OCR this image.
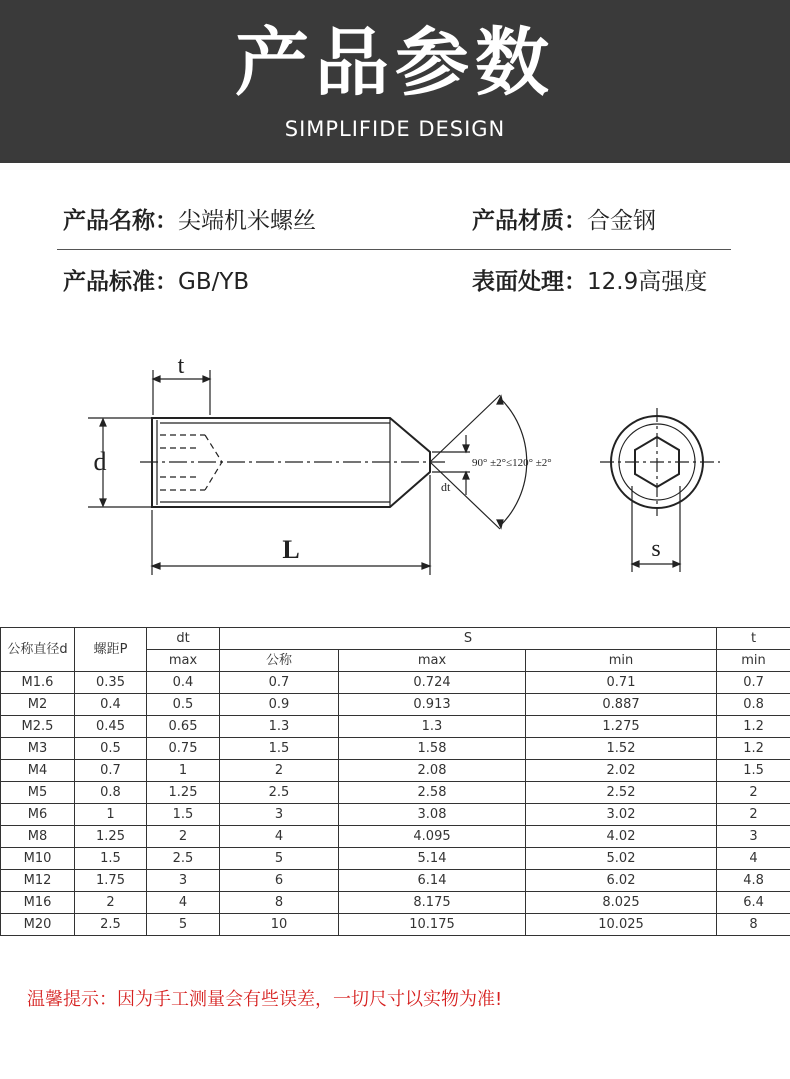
产品参数
SIMPLIFIDE DESIGN
产品名称：尖端机米螺丝	产品材质：合金钢
产品标准：GB/YB	表面处理：12.9高强度
t
d
L
dt
90° ±2°≤120° ±2°
s
公称直径d	螺距P	dt	S			t
		max	公称	max	min	min
M1.6	0.35	0.4	0.7	0.724	0.71	0.7
M2	0.4	0.5	0.9	0.913	0.887	0.8
M2.5	0.45	0.65	1.3	1.3	1.275	1.2
M3	0.5	0.75	1.5	1.58	1.52	1.2
M4	0.7	1	2	2.08	2.02	1.5
M5	0.8	1.25	2.5	2.58	2.52	2
M6	1	1.5	3	3.08	3.02	2
M8	1.25	2	4	4.095	4.02	3
M10	1.5	2.5	5	5.14	5.02	4
M12	1.75	3	6	6.14	6.02	4.8
M16	2	4	8	8.175	8.025	6.4
M20	2.5	5	10	10.175	10.025	8
温馨提示：因为手工测量会有些误差，一切尺寸以实物为准!
